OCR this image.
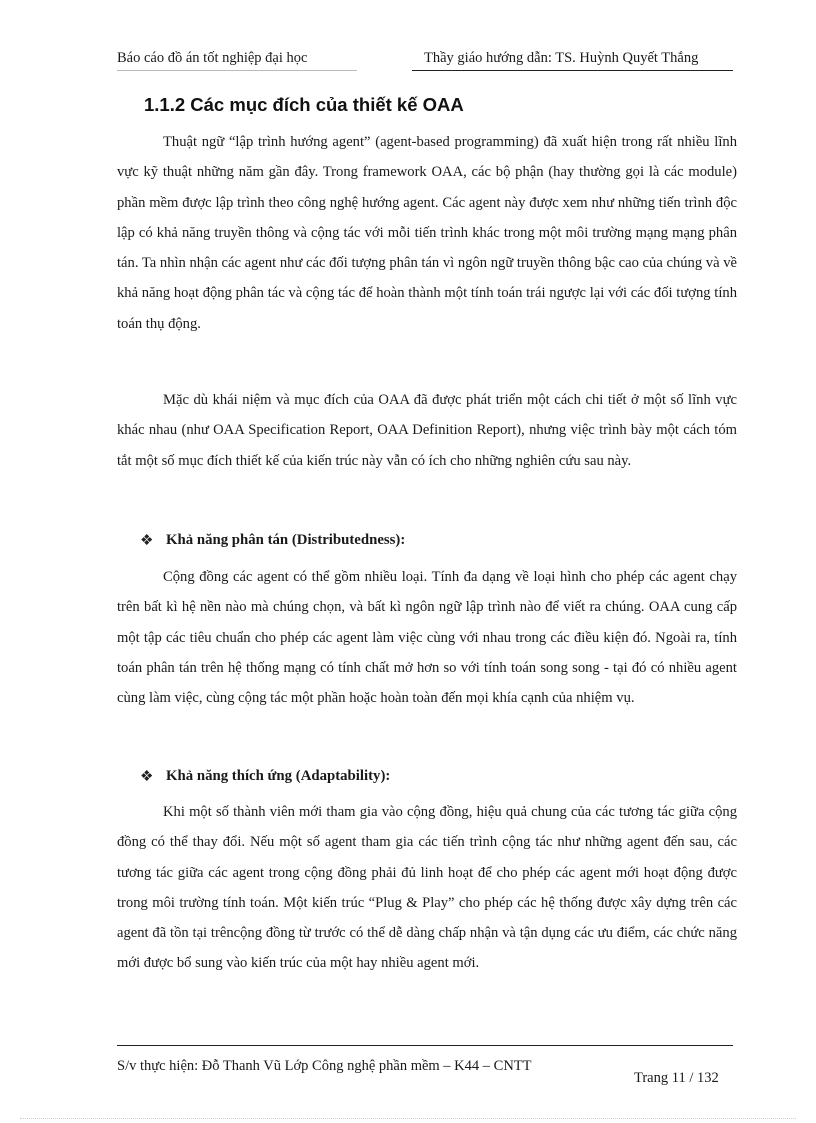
Báo cáo đồ án tốt nghiệp đại học	Thầy giáo hướng dẫn: TS. Huỳnh Quyết Thắng
1.1.2 Các mục đích của thiết kế OAA

Thuật ngữ “lập trình hướng agent” (agent-based programming) đã xuất hiện trong rất nhiều lĩnh vực kỹ thuật những năm gần đây. Trong framework OAA, các bộ phận (hay thường gọi là các module) phần mềm được lập trình theo công nghệ hướng agent. Các agent này được xem như những tiến trình độc lập có khả năng truyền thông và cộng tác với mỗi tiến trình khác trong một môi trường mạng mạng phân tán. Ta nhìn nhận các agent như các đối tượng phân tán vì ngôn ngữ truyền thông bậc cao của chúng và về khả năng hoạt động phân tác và cộng tác để hoàn thành một tính toán trái ngược lại với các đối tượng tính toán thụ động.

Mặc dù khái niệm và mục đích của OAA đã được phát triển một cách chi tiết ở một số lĩnh vực khác nhau (như OAA Specification Report, OAA Definition Report), nhưng việc trình bày một cách tóm tắt một số mục đích thiết kế của kiến trúc này vẫn có ích cho những nghiên cứu sau này.

❖ Khả năng phân tán (Distributedness):

Cộng đồng các agent có thể gồm nhiều loại. Tính đa dạng về loại hình cho phép các agent chạy trên bất kì hệ nền nào mà chúng chọn, và bất kì ngôn ngữ lập trình nào để viết ra chúng. OAA cung cấp một tập các tiêu chuẩn cho phép các agent làm việc cùng với nhau trong các điều kiện đó. Ngoài ra, tính toán phân tán trên hệ thống mạng có tính chất mở hơn so với tính toán song song - tại đó có nhiều agent cùng làm việc, cùng cộng tác một phần hoặc hoàn toàn đến mọi khía cạnh của nhiệm vụ.

❖ Khả năng thích ứng (Adaptability):

Khi một số thành viên mới tham gia vào cộng đồng, hiệu quả chung của các tương tác giữa cộng đồng có thể thay đổi. Nếu một số agent tham gia các tiến trình cộng tác như những agent đến sau, các tương tác giữa các agent trong cộng đồng phải đủ linh hoạt để cho phép các agent mới hoạt động được trong môi trường tính toán. Một kiến trúc “Plug & Play” cho phép các hệ thống được xây dựng trên các agent đã tồn tại trêncộng đồng từ trước có thể dễ dàng chấp nhận và tận dụng các ưu điểm, các chức năng mới được bổ sung vào kiến trúc của một hay nhiều agent mới.

S/v thực hiện: Đỗ Thanh Vũ Lớp Công nghệ phần mềm – K44 – CNTT
Trang 11 / 132
